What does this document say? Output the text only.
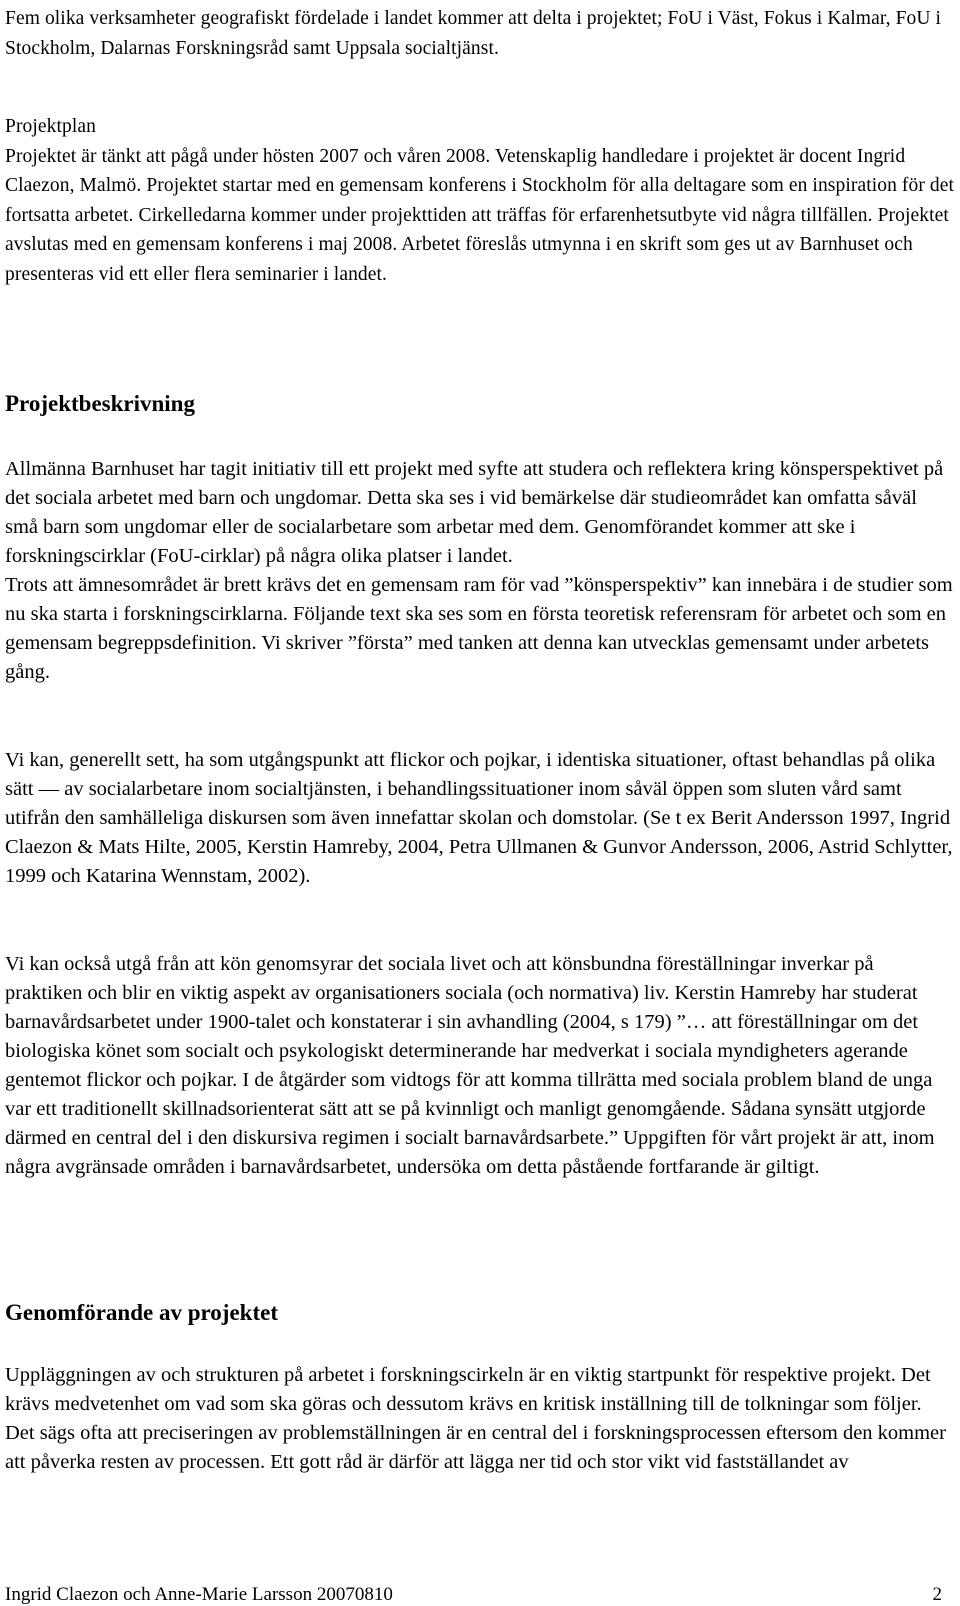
Fem olika verksamheter geografiskt fördelade i landet kommer att delta i projektet; FoU i Väst, Fokus i Kalmar, FoU i Stockholm, Dalarnas Forskningsråd samt Uppsala socialtjänst.

Projektplan
Projektet är tänkt att pågå under hösten 2007 och våren 2008. Vetenskaplig handledare i projektet är docent Ingrid Claezon, Malmö. Projektet startar med en gemensam konferens i Stockholm för alla deltagare som en inspiration för det fortsatta arbetet. Cirkelledarna kommer under projekttiden att träffas för erfarenhetsutbyte vid några tillfällen. Projektet avslutas med en gemensam konferens i maj 2008. Arbetet föreslås utmynna i en skrift som ges ut av Barnhuset och presenteras vid ett eller flera seminarier i landet.
Projektbeskrivning
Allmänna Barnhuset har tagit initiativ till ett projekt med syfte att studera och reflektera kring könsperspektivet på det sociala arbetet med barn och ungdomar. Detta ska ses i vid bemärkelse där studieområdet kan omfatta såväl små barn som ungdomar eller de socialarbetare som arbetar med dem. Genomförandet kommer att ske i forskningscirklar (FoU-cirklar) på några olika platser i landet.
Trots att ämnesområdet är brett krävs det en gemensam ram för vad ”könsperspektiv” kan innebära i de studier som nu ska starta i forskningscirklarna. Följande text ska ses som en första teoretisk referensram för arbetet och som en gemensam begreppsdefinition. Vi skriver ”första” med tanken att denna kan utvecklas gemensamt under arbetets gång.

Vi kan, generellt sett, ha som utgångspunkt att flickor och pojkar, i identiska situationer, oftast behandlas på olika sätt — av socialarbetare inom socialtjänsten, i behandlingssituationer inom såväl öppen som sluten vård samt utifrån den samhälleliga diskursen som även innefattar skolan och domstolar. (Se t ex Berit Andersson 1997, Ingrid Claezon & Mats Hilte, 2005, Kerstin Hamreby, 2004, Petra Ullmanen & Gunvor Andersson, 2006, Astrid Schlytter, 1999 och Katarina Wennstam, 2002).

Vi kan också utgå från att kön genomsyrar det sociala livet och att könsbundna föreställningar inverkar på praktiken och blir en viktig aspekt av organisationers sociala (och normativa) liv. Kerstin Hamreby har studerat barnavårdsarbetet under 1900-talet och konstaterar i sin avhandling (2004, s 179) ”… att föreställningar om det biologiska könet som socialt och psykologiskt determinerande har medverkat i sociala myndigheters agerande gentemot flickor och pojkar. I de åtgärder som vidtogs för att komma tillrätta med sociala problem bland de unga var ett traditionellt skillnadsorienterat sätt att se på kvinnligt och manligt genomgående. Sådana synsätt utgjorde därmed en central del i den diskursiva regimen i socialt barnavårdsarbete.” Uppgiften för vårt projekt är att, inom några avgränsade områden i barnavårdsarbetet, undersöka om detta påstående fortfarande är giltigt.

Genomförande av projektet

Uppläggningen av och strukturen på arbetet i forskningscirkeln är en viktig startpunkt för respektive projekt. Det krävs medvetenhet om vad som ska göras och dessutom krävs en kritisk inställning till de tolkningar som följer. Det sägs ofta att preciseringen av problemställningen är en central del i forskningsprocessen eftersom den kommer att påverka resten av processen. Ett gott råd är därför att lägga ner tid och stor vikt vid fastställandet av

Ingrid Claezon och Anne-Marie Larsson 20070810	2
